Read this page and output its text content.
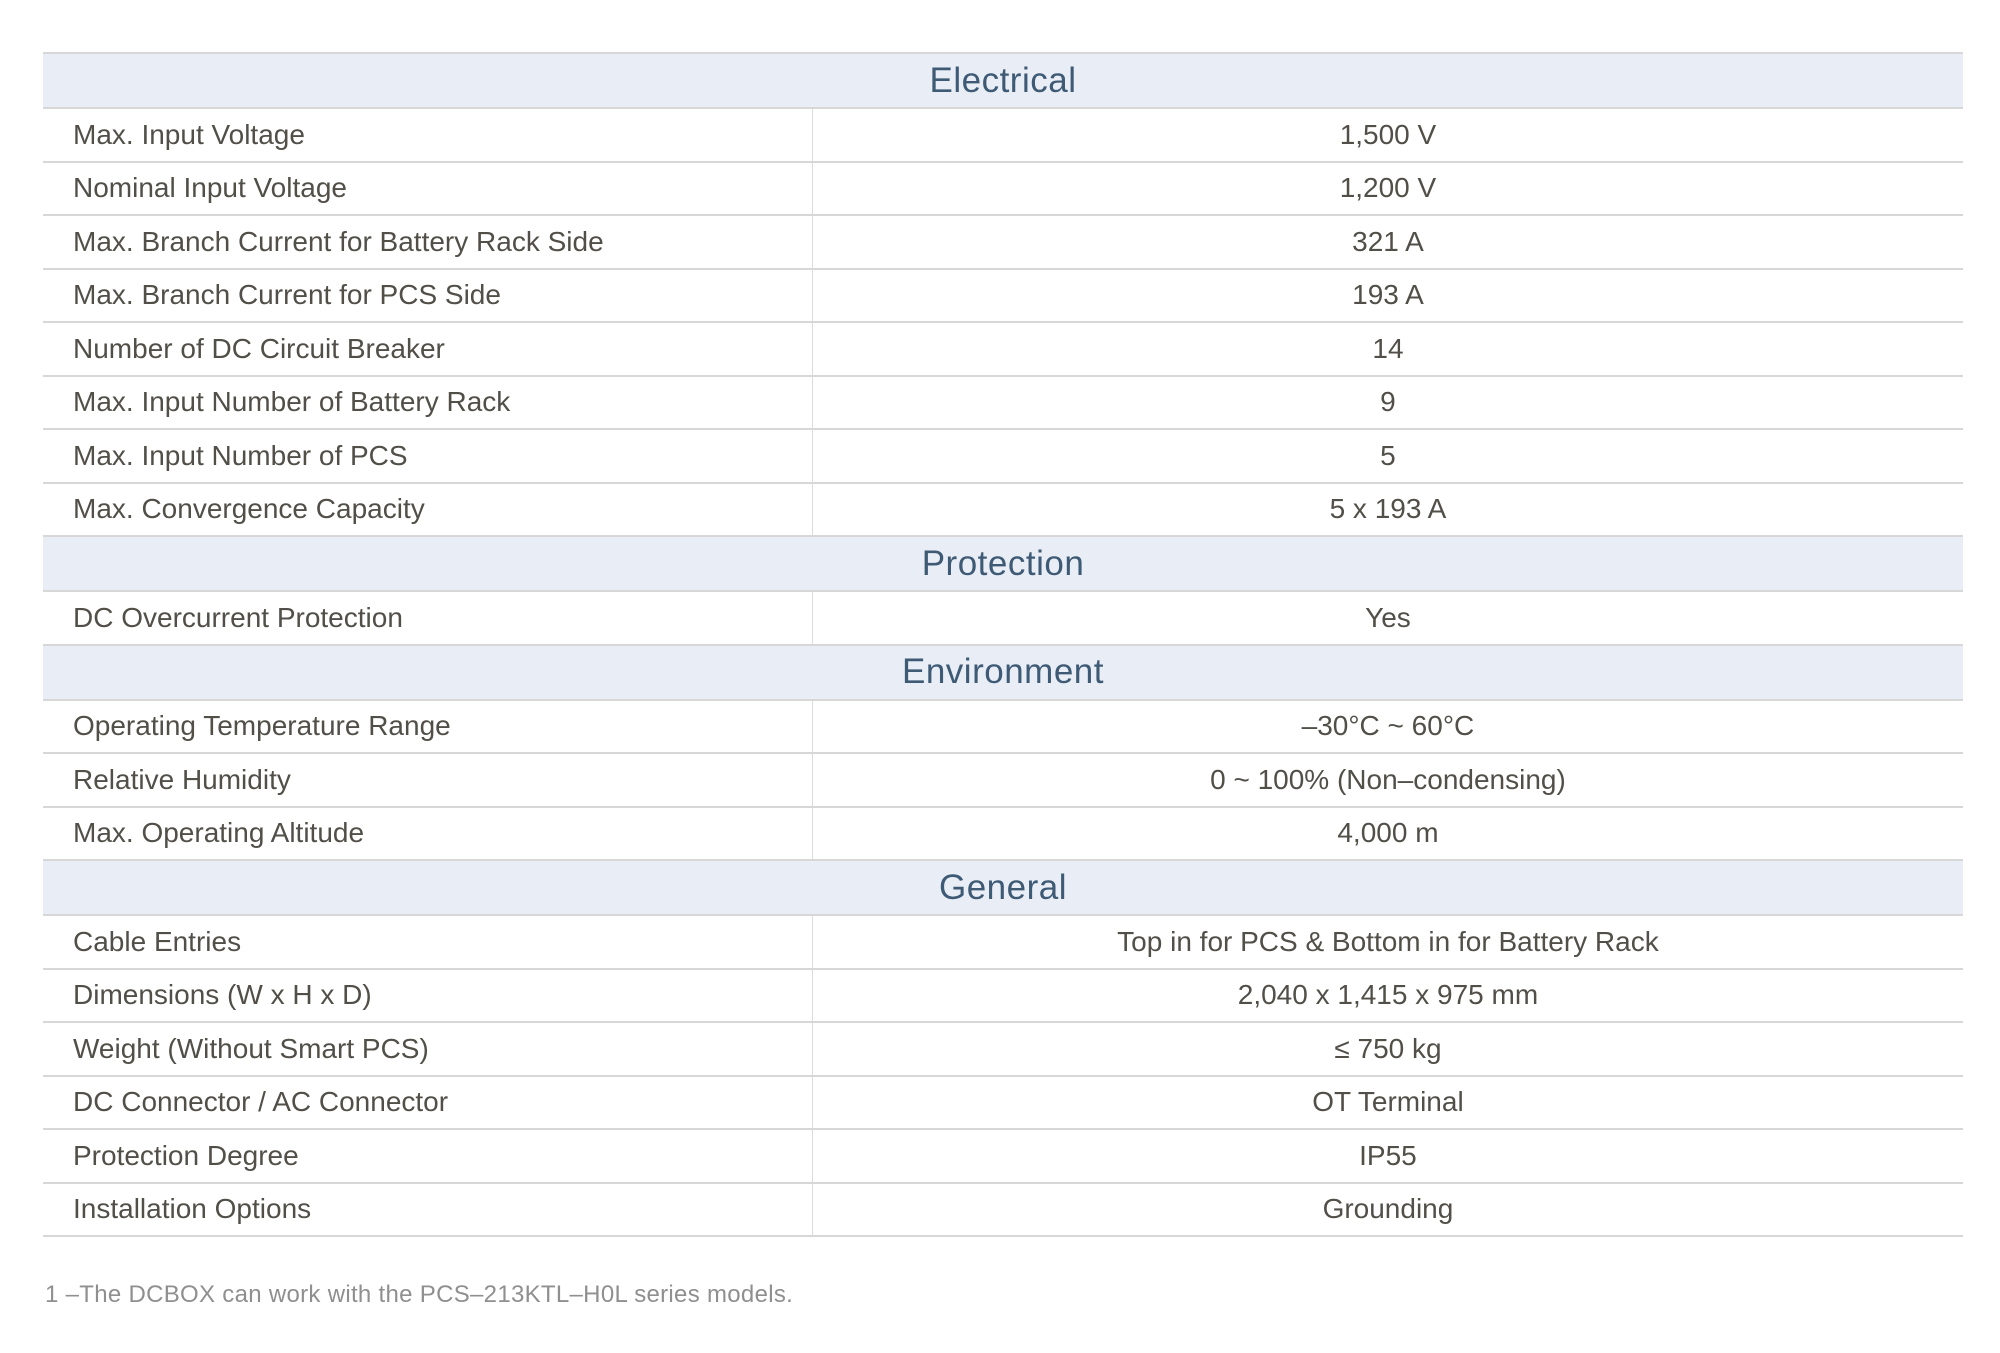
Electrical
Max. Input Voltage	1,500 V
Nominal Input Voltage	1,200 V
Max. Branch Current for Battery Rack Side	321 A
Max. Branch Current for PCS Side	193 A
Number of DC Circuit Breaker	14
Max. Input Number of Battery Rack	9
Max. Input Number of PCS	5
Max. Convergence Capacity	5 x 193 A
Protection
DC Overcurrent Protection	Yes
Environment
Operating Temperature Range	–30°C ~ 60°C
Relative Humidity	0 ~ 100% (Non–condensing)
Max. Operating Altitude	4,000 m
General
Cable Entries	Top in for PCS & Bottom in for Battery Rack
Dimensions (W x H x D)	2,040 x 1,415 x 975 mm
Weight (Without Smart PCS)	≤ 750 kg
DC Connector / AC Connector	OT Terminal
Protection Degree	IP55
Installation Options	Grounding

1 –The DCBOX can work with the PCS–213KTL–H0L series models.
